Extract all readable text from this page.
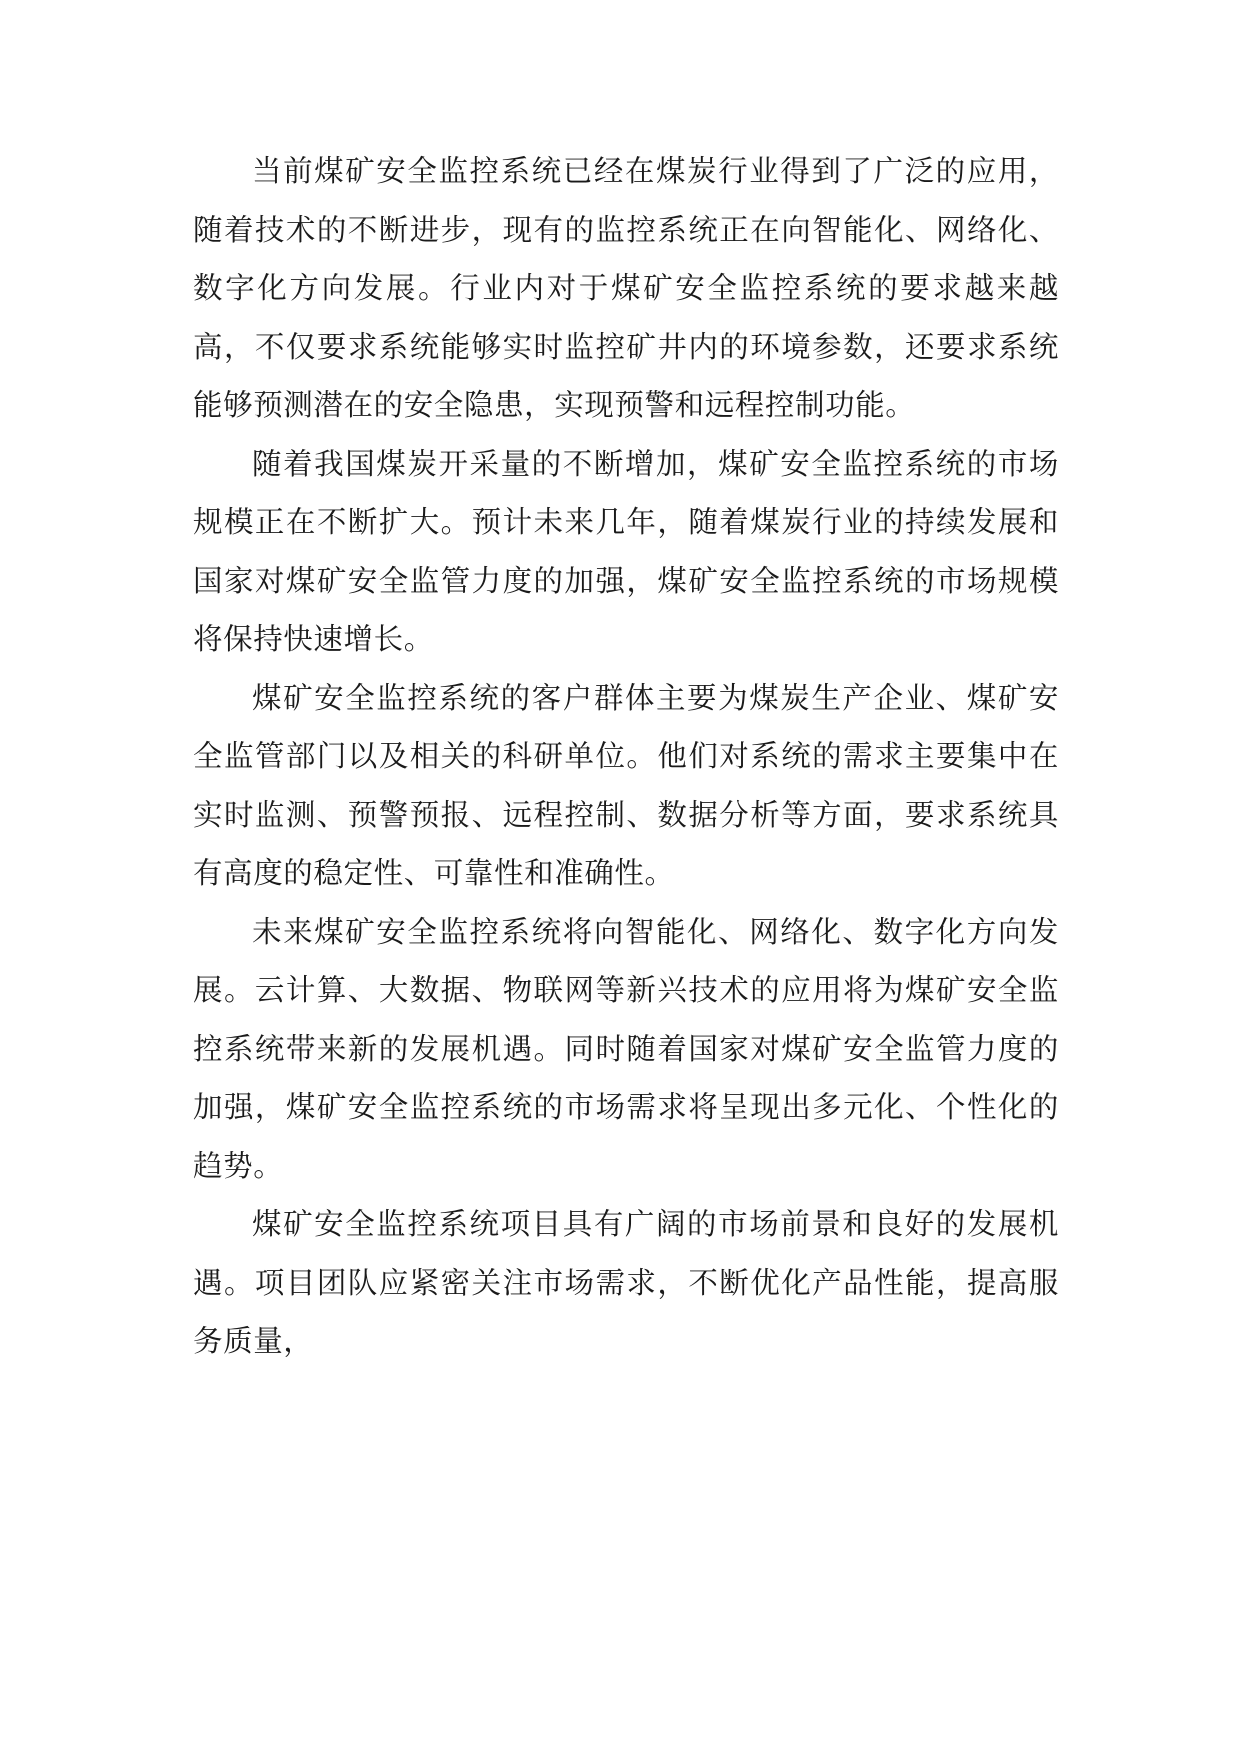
当前煤矿安全监控系统已经在煤炭行业得到了广泛的应用，随着技术的不断进步，现有的监控系统正在向智能化、网络化、数字化方向发展。行业内对于煤矿安全监控系统的要求越来越高，不仅要求系统能够实时监控矿井内的环境参数，还要求系统能够预测潜在的安全隐患，实现预警和远程控制功能。

随着我国煤炭开采量的不断增加，煤矿安全监控系统的市场规模正在不断扩大。预计未来几年，随着煤炭行业的持续发展和国家对煤矿安全监管力度的加强，煤矿安全监控系统的市场规模将保持快速增长。

煤矿安全监控系统的客户群体主要为煤炭生产企业、煤矿安全监管部门以及相关的科研单位。他们对系统的需求主要集中在实时监测、预警预报、远程控制、数据分析等方面，要求系统具有高度的稳定性、可靠性和准确性。

未来煤矿安全监控系统将向智能化、网络化、数字化方向发展。云计算、大数据、物联网等新兴技术的应用将为煤矿安全监控系统带来新的发展机遇。同时随着国家对煤矿安全监管力度的加强，煤矿安全监控系统的市场需求将呈现出多元化、个性化的趋势。

煤矿安全监控系统项目具有广阔的市场前景和良好的发展机遇。项目团队应紧密关注市场需求，不断优化产品性能，提高服务质量，
